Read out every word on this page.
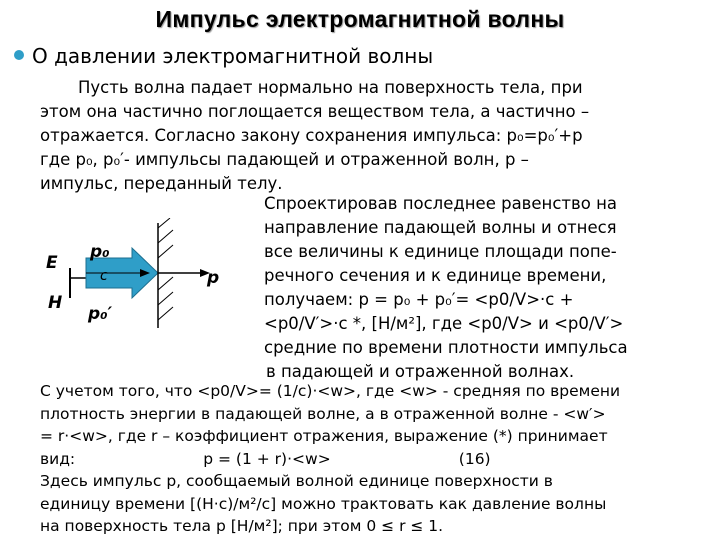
Импульс электромагнитной волны
О давлении электромагнитной волны
Пусть волна падает нормально на поверхность тела, при
этом она частично поглощается веществом тела, а частично –
отражается. Согласно закону сохранения импульса: p₀=p₀′+p
где p₀, p₀′- импульсы падающей и отраженной волн, p –
импульс, переданный телу.
E
H
p₀
c
p₀′
p
Спроектировав последнее равенство на
направление падающей волны и отнеся
все величины к единице площади попе-
речного сечения и к единице времени,
получаем: p = p₀ + p₀′= <p0/V>·c +
<p0/V′>·c *, [Н/м²], где <p0/V> и <p0/V′>
средние по времени плотности импульса
в падающей и отраженной волнах.
С учетом того, что <p0/V>= (1/c)·<w>, где <w> - средняя по времени
плотность энергии в падающей волне, а в отраженной волне - <w′>
= r·<w>, где r – коэффициент отражения, выражение (*) принимает
вид:                          p = (1 + r)·<w>                          (16)
Здесь импульс p, сообщаемый волной единице поверхности в
единицу времени [(Н·с)/м²/с] можно трактовать как давление волны
на поверхность тела p [Н/м²]; при этом 0 ≤ r ≤ 1.
